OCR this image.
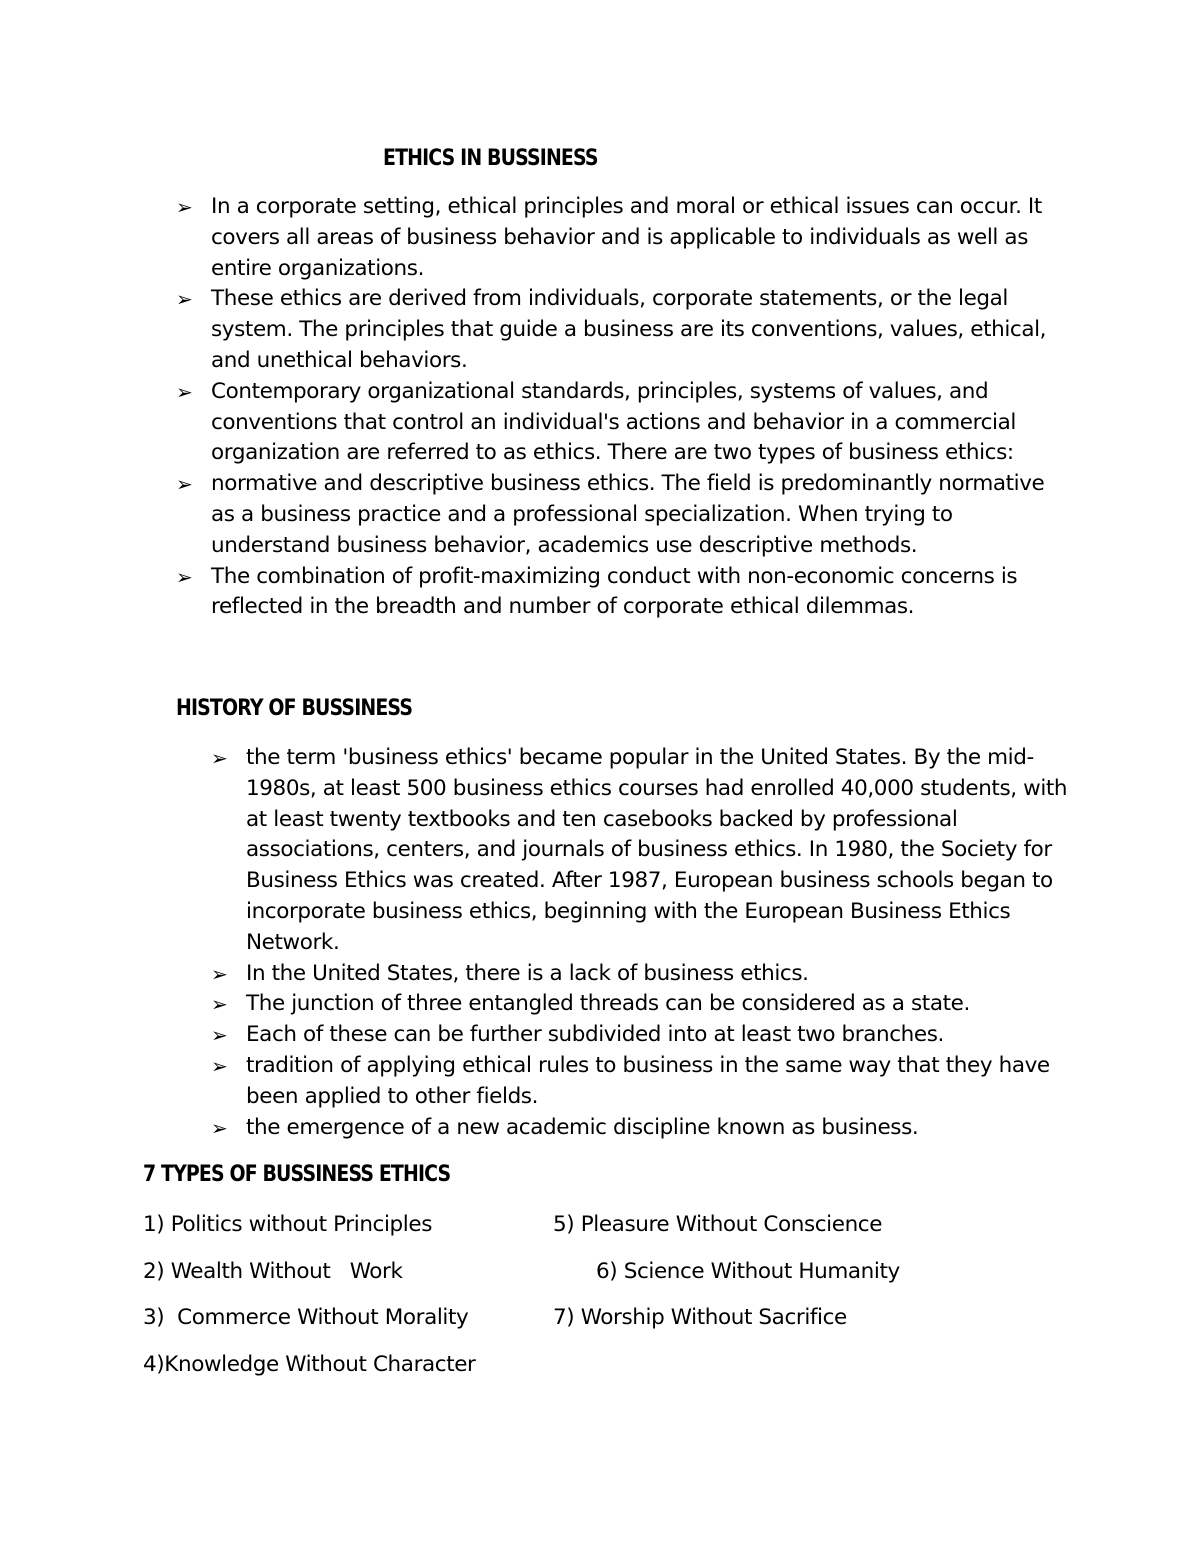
ETHICS IN BUSSINESS
➢ In a corporate setting, ethical principles and moral or ethical issues can occur. It covers all areas of business behavior and is applicable to individuals as well as entire organizations.
➢ These ethics are derived from individuals, corporate statements, or the legal system. The principles that guide a business are its conventions, values, ethical, and unethical behaviors.
➢ Contemporary organizational standards, principles, systems of values, and conventions that control an individual's actions and behavior in a commercial organization are referred to as ethics. There are two types of business ethics:
➢ normative and descriptive business ethics. The field is predominantly normative as a business practice and a professional specialization. When trying to understand business behavior, academics use descriptive methods.
➢ The combination of profit-maximizing conduct with non-economic concerns is reflected in the breadth and number of corporate ethical dilemmas.
HISTORY OF BUSSINESS
➢ the term 'business ethics' became popular in the United States. By the mid-1980s, at least 500 business ethics courses had enrolled 40,000 students, with at least twenty textbooks and ten casebooks backed by professional associations, centers, and journals of business ethics. In 1980, the Society for Business Ethics was created. After 1987, European business schools began to incorporate business ethics, beginning with the European Business Ethics Network.
➢ In the United States, there is a lack of business ethics.
➢ The junction of three entangled threads can be considered as a state.
➢ Each of these can be further subdivided into at least two branches.
➢ tradition of applying ethical rules to business in the same way that they have been applied to other fields.
➢ the emergence of a new academic discipline known as business.
7 TYPES OF BUSSINESS ETHICS

1) Politics without Principles

2) Wealth Without   Work

3)  Commerce Without Morality

4)Knowledge Without Character

5) Pleasure Without Conscience

6) Science Without Humanity

7) Worship Without Sacrifice
